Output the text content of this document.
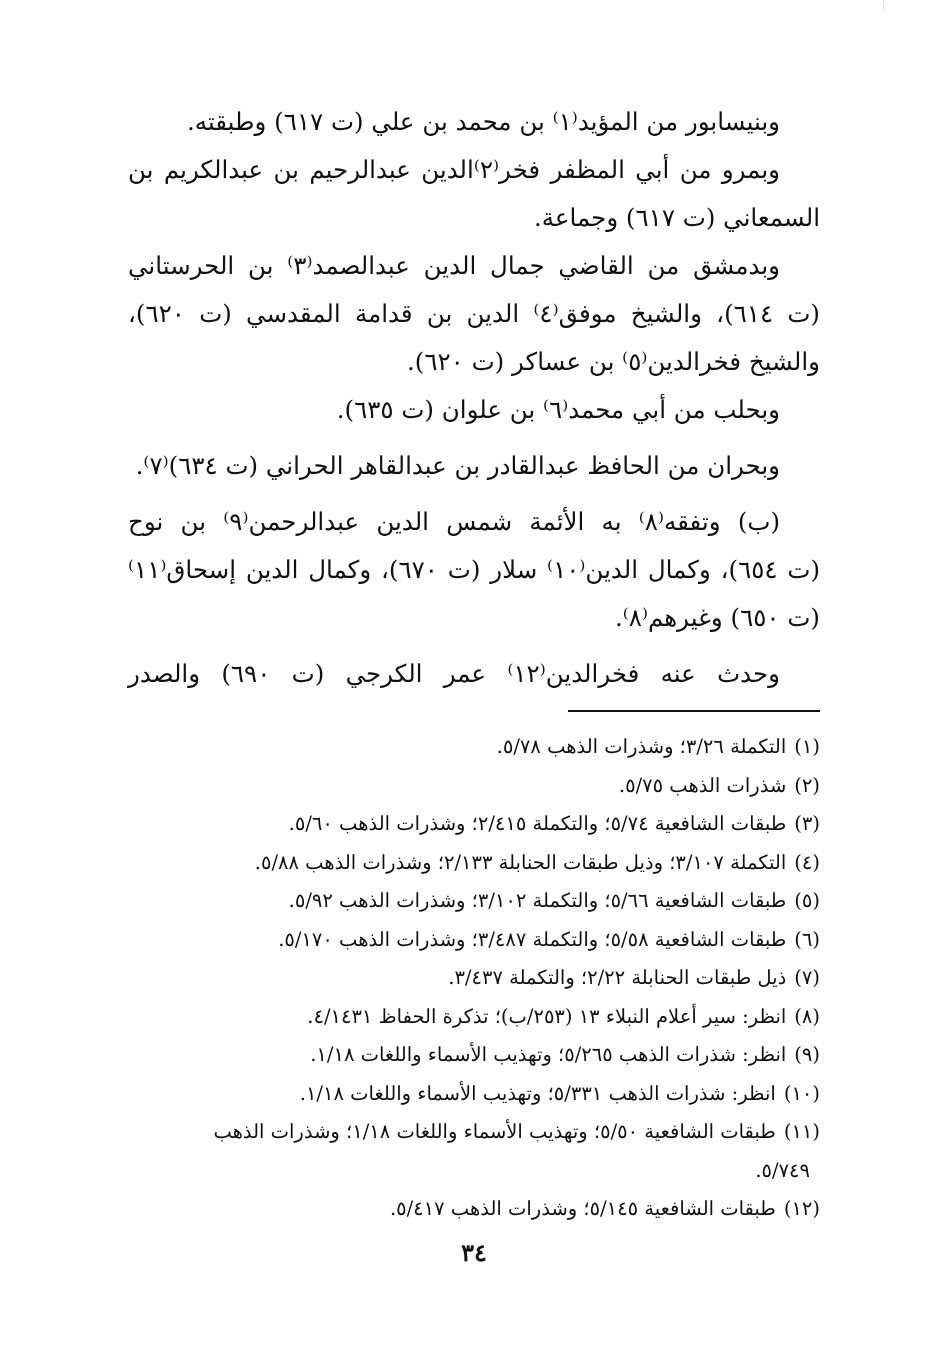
وبنيسابور من المؤيد⁽١⁾ بن محمد بن علي (ت ٦١٧) وطبقته.

وبمرو من أبي المظفر فخر⁽٢⁾الدين عبدالرحيم بن عبدالكريم بن
السمعاني (ت ٦١٧) وجماعة.

وبدمشق من القاضي جمال الدين عبدالصمد⁽٣⁾ بن الحرستاني
(ت ٦١٤)، والشيخ موفق⁽٤⁾ الدين بن قدامة المقدسي (ت ٦٢٠)،
والشيخ فخرالدين⁽٥⁾ بن عساكر (ت ٦٢٠).

وبحلب من أبي محمد⁽٦⁾ بن علوان (ت ٦٣٥).

وبحران من الحافظ عبدالقادر بن عبدالقاهر الحراني (ت ٦٣٤)⁽٧⁾.

(ب) وتفقه⁽٨⁾ به الأئمة شمس الدين عبدالرحمن⁽٩⁾ بن نوح
(ت ٦٥٤)، وكمال الدين⁽١٠⁾ سلار (ت ٦٧٠)، وكمال الدين إسحاق⁽١١⁾
(ت ٦٥٠) وغيرهم⁽٨⁾.

وحدث عنه فخرالدين⁽١٢⁾ عمر الكرجي (ت ٦٩٠) والصدر

(١)التكملة ٣/٢٦؛ وشذرات الذهب ٥/٧٨.

(٢)شذرات الذهب ٥/٧٥.

(٣)طبقات الشافعية ٥/٧٤؛ والتكملة ٢/٤١٥؛ وشذرات الذهب ٥/٦٠.

(٤)التكملة ٣/١٠٧؛ وذيل طبقات الحنابلة ٢/١٣٣؛ وشذرات الذهب ٥/٨٨.

(٥)طبقات الشافعية ٥/٦٦؛ والتكملة ٣/١٠٢؛ وشذرات الذهب ٥/٩٢.

(٦)طبقات الشافعية ٥/٥٨؛ والتكملة ٣/٤٨٧؛ وشذرات الذهب ٥/١٧٠.

(٧)ذيل طبقات الحنابلة ٢/٢٢؛ والتكملة ٣/٤٣٧.

(٨)انظر: سير أعلام النبلاء ١٣ (٢٥٣/ب)؛ تذكرة الحفاظ ٤/١٤٣١.

(٩)انظر: شذرات الذهب ٥/٢٦٥؛ وتهذيب الأسماء واللغات ١/١٨.

(١٠)انظر: شذرات الذهب ٥/٣٣١؛ وتهذيب الأسماء واللغات ١/١٨.

(١١)طبقات الشافعية ٥/٥٠؛ وتهذيب الأسماء واللغات ١/١٨؛ وشذرات الذهب
٥/٧٤٩.

(١٢)طبقات الشافعية ٥/١٤٥؛ وشذرات الذهب ٥/٤١٧.

٣٤
